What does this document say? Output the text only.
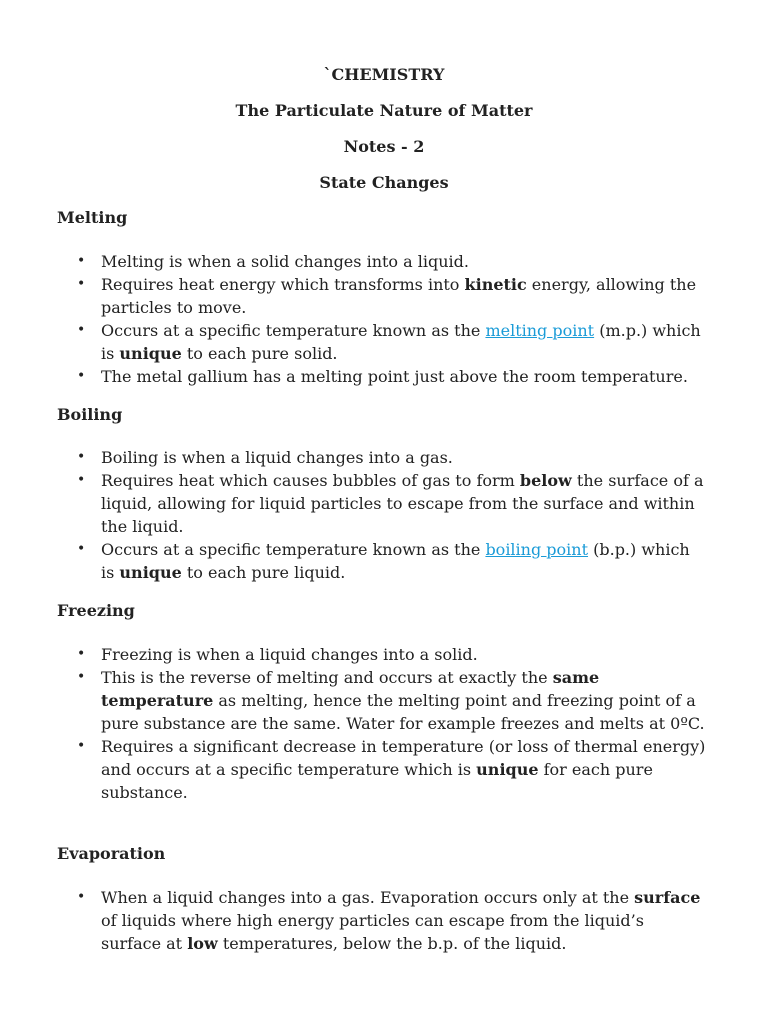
`CHEMISTRY

The Particulate Nature of Matter

Notes - 2

State Changes

Melting

• Melting is when a solid changes into a liquid.
• Requires heat energy which transforms into kinetic energy, allowing the particles to move.
• Occurs at a specific temperature known as the melting point (m.p.) which is unique to each pure solid.
• The metal gallium has a melting point just above the room temperature.

Boiling

• Boiling is when a liquid changes into a gas.
• Requires heat which causes bubbles of gas to form below the surface of a liquid, allowing for liquid particles to escape from the surface and within the liquid.
• Occurs at a specific temperature known as the boiling point (b.p.) which is unique to each pure liquid.

Freezing

• Freezing is when a liquid changes into a solid.
• This is the reverse of melting and occurs at exactly the same temperature as melting, hence the melting point and freezing point of a pure substance are the same. Water for example freezes and melts at 0ºC.
• Requires a significant decrease in temperature (or loss of thermal energy) and occurs at a specific temperature which is unique for each pure substance.

Evaporation

• When a liquid changes into a gas. Evaporation occurs only at the surface of liquids where high energy particles can escape from the liquid’s surface at low temperatures, below the b.p. of the liquid.
